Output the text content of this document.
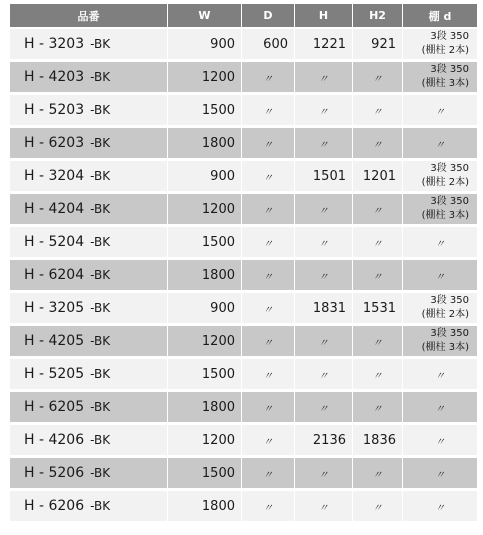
品番	W	D	H	H2	棚 d
H - 3203 -BK	900	600	1221	921	3段 350
(棚柱 2本)

H - 4203 -BK	1200	〃	〃	〃	3段 350
(棚柱 3本)

H - 5203 -BK	1500	〃	〃	〃	〃
H - 6203 -BK	1800	〃	〃	〃	〃
H - 3204 -BK	900	〃	1501	1201	3段 350
(棚柱 2本)

H - 4204 -BK	1200	〃	〃	〃	3段 350
(棚柱 3本)

H - 5204 -BK	1500	〃	〃	〃	〃
H - 6204 -BK	1800	〃	〃	〃	〃
H - 3205 -BK	900	〃	1831	1531	3段 350
(棚柱 2本)

H - 4205 -BK	1200	〃	〃	〃	3段 350
(棚柱 3本)

H - 5205 -BK	1500	〃	〃	〃	〃
H - 6205 -BK	1800	〃	〃	〃	〃
H - 4206 -BK	1200	〃	2136	1836	〃
H - 5206 -BK	1500	〃	〃	〃	〃
H - 6206 -BK	1800	〃	〃	〃	〃
